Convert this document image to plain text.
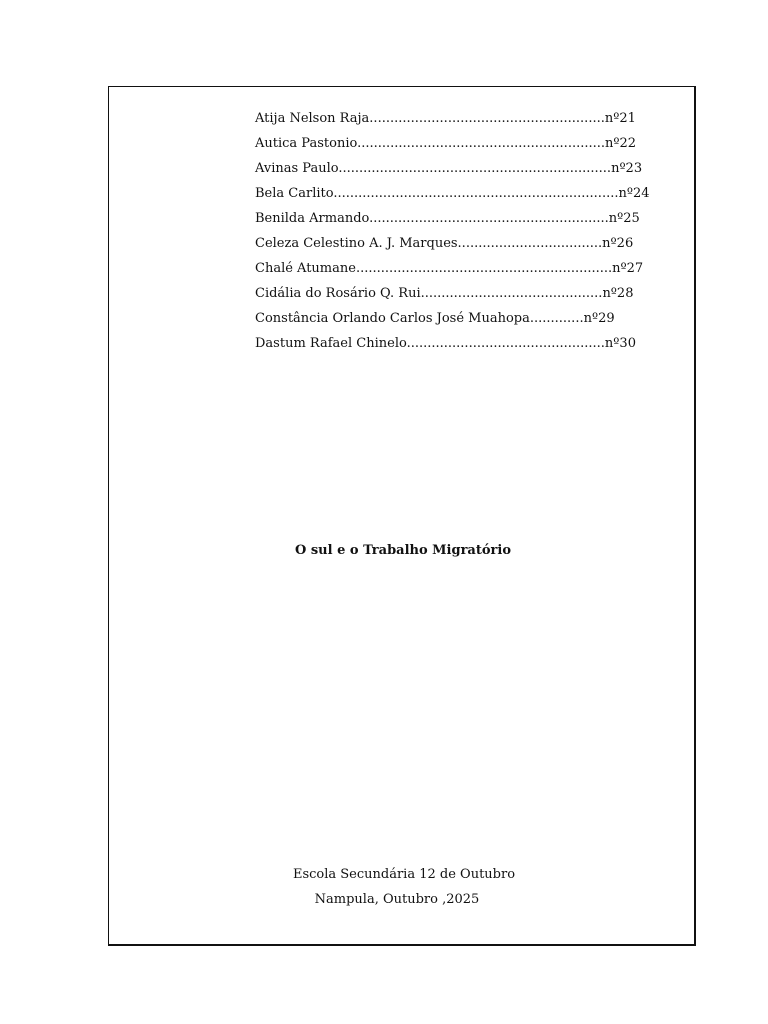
Atija Nelson Raja.........................................................nº21
Autica Pastonio............................................................nº22
Avinas Paulo..................................................................nº23
Bela Carlito.....................................................................nº24
Benilda Armando..........................................................nº25
Celeza Celestino A. J. Marques...................................nº26
Chalé Atumane..............................................................nº27
Cidália do Rosário Q. Rui............................................nº28
Constância Orlando Carlos José Muahopa.............nº29
Dastum Rafael Chinelo................................................nº30
O sul e o Trabalho Migratório
Escola Secundária 12 de Outubro
Nampula, Outubro ,2025
